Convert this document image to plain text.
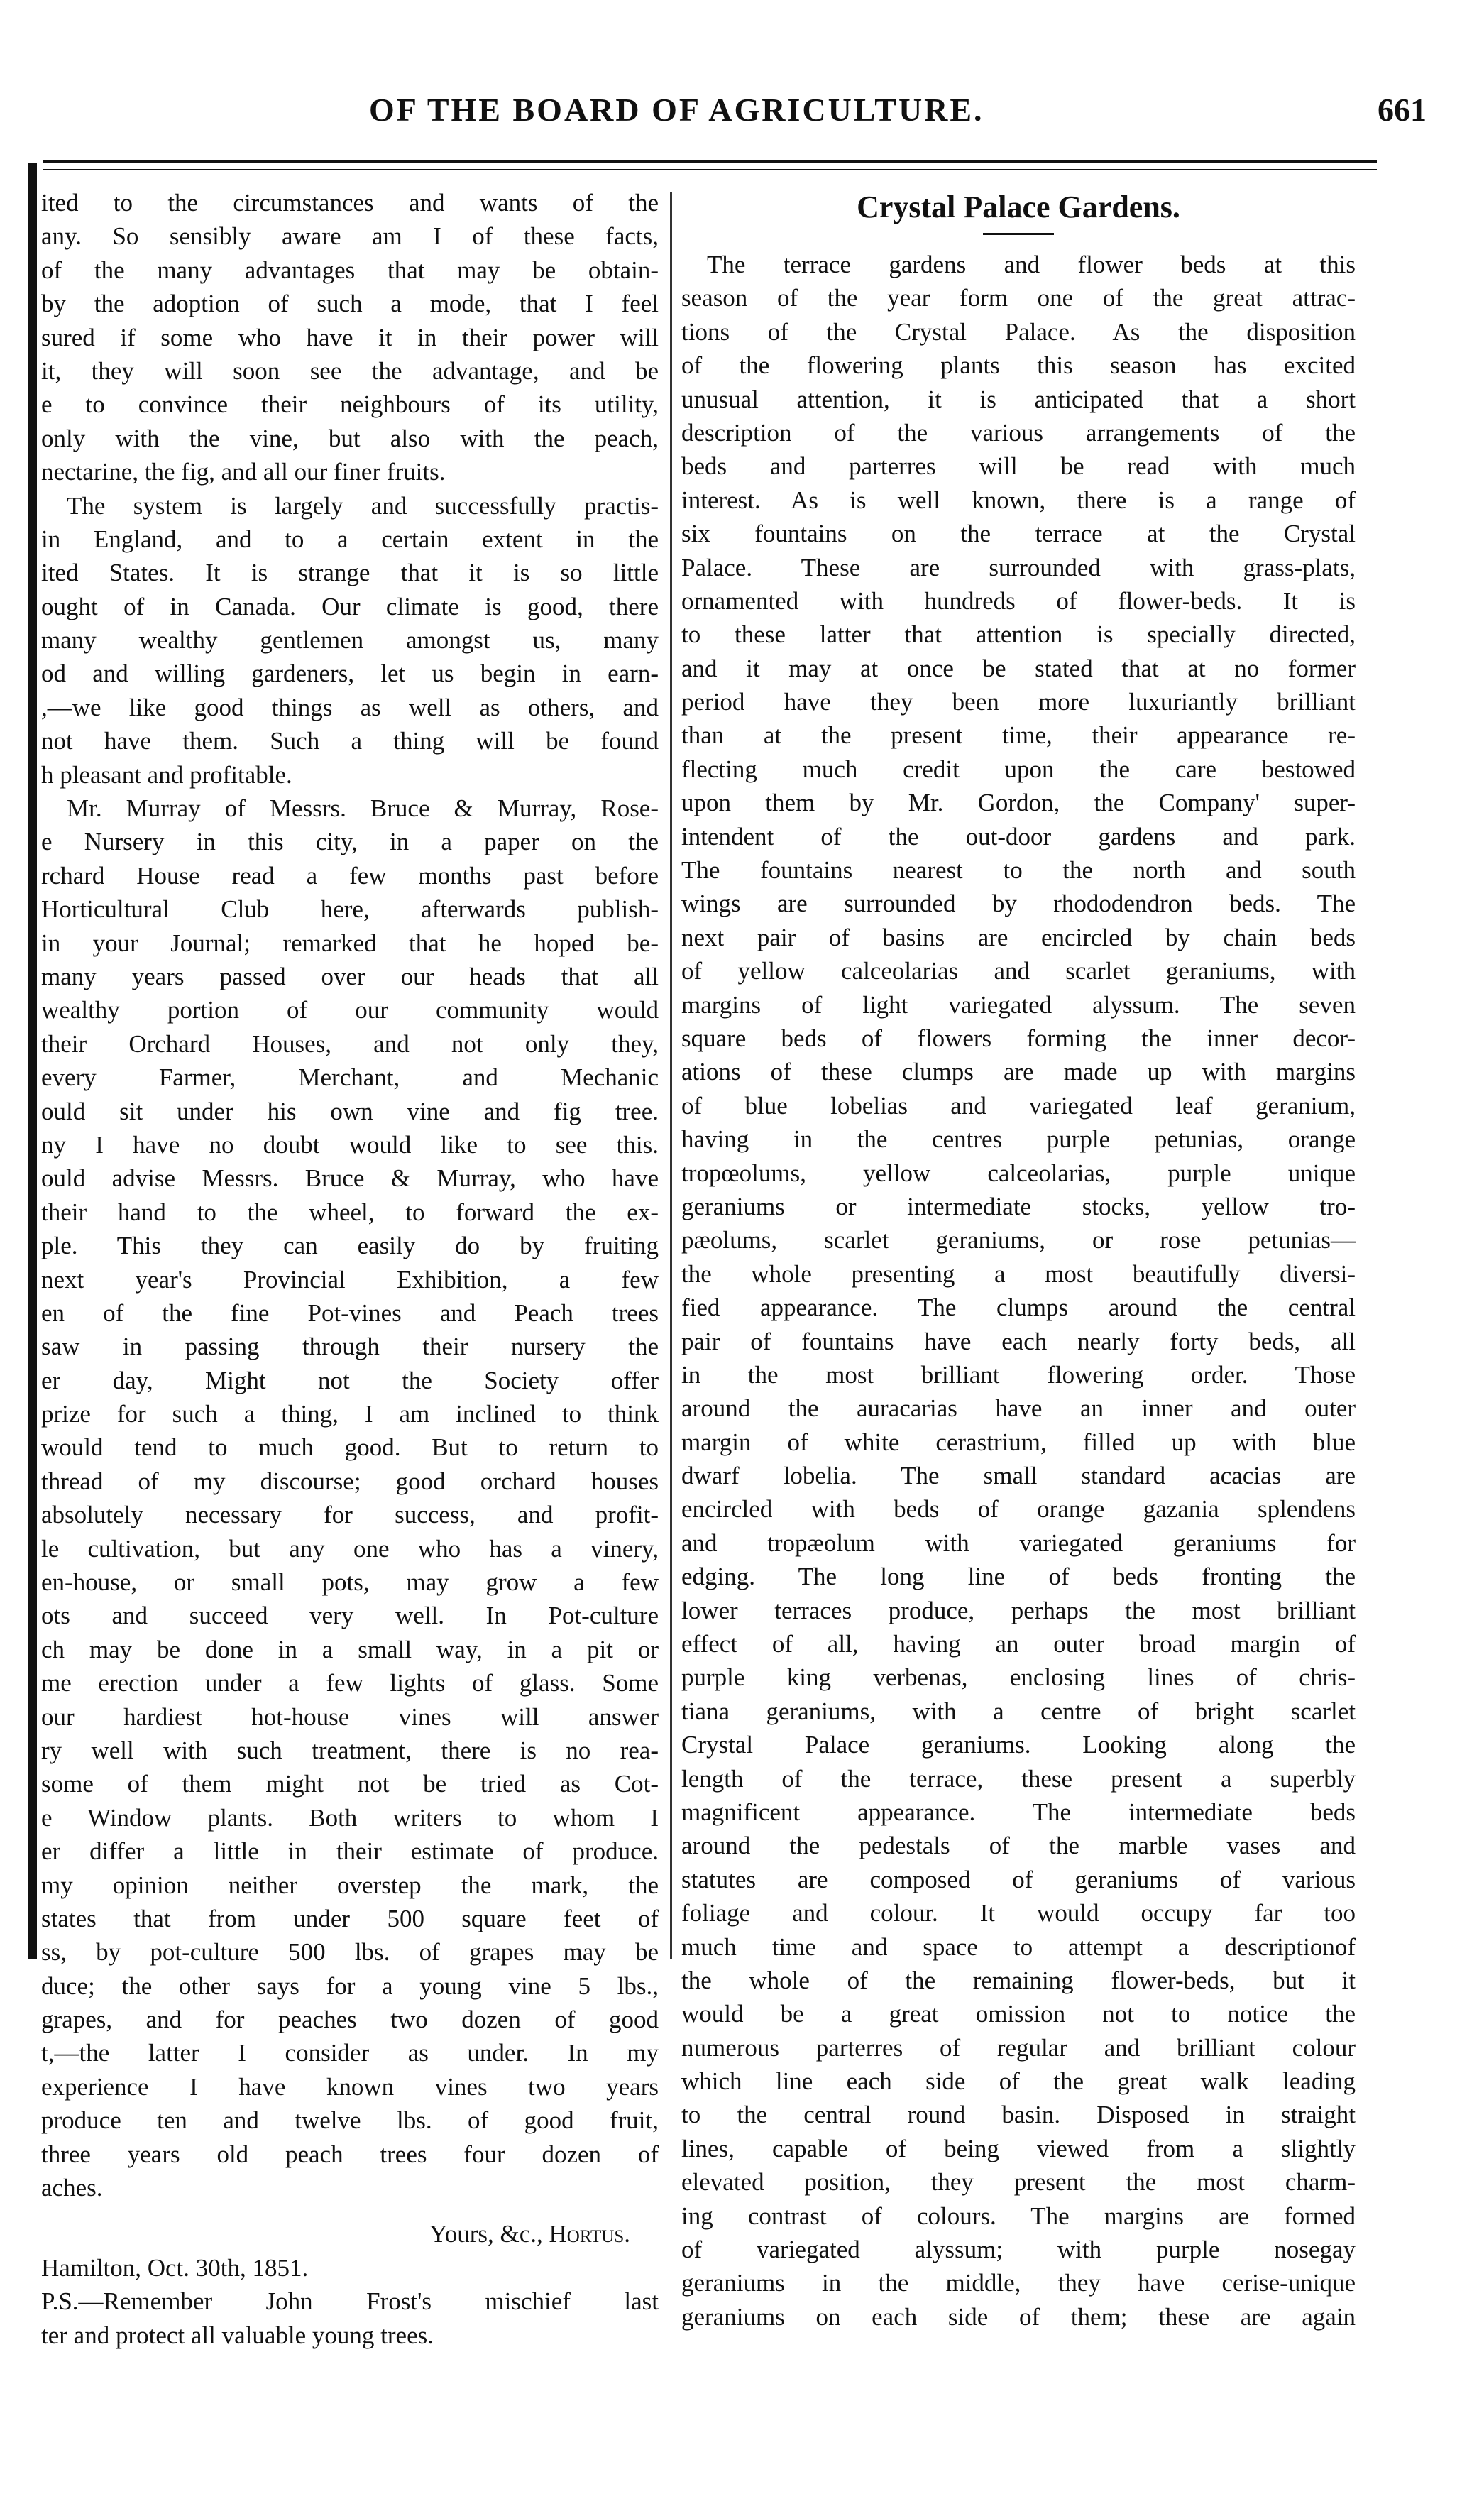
OF THE BOARD OF AGRICULTURE.	661
ited to the circumstances and wants of the
any. So sensibly aware am I of these facts,
of the many advantages that may be obtain-
by the adoption of such a mode, that I feel
sured if some who have it in their power will
it, they will soon see the advantage, and be
e to convince their neighbours of its utility,
only with the vine, but also with the peach,
nectarine, the fig, and all our finer fruits.
The system is largely and successfully practis-
in England, and to a certain extent in the
ited States. It is strange that it is so little
ought of in Canada. Our climate is good, there
many wealthy gentlemen amongst us, many
od and willing gardeners, let us begin in earn-
,—we like good things as well as others, and
not have them. Such a thing will be found
h pleasant and profitable.
Mr. Murray of Messrs. Bruce & Murray, Rose-
e Nursery in this city, in a paper on the
rchard House read a few months past before
Horticultural Club here, afterwards publish-
in your Journal; remarked that he hoped be-
many years passed over our heads that all
wealthy portion of our community would
their Orchard Houses, and not only they,
every Farmer, Merchant, and Mechanic
ould sit under his own vine and fig tree.
ny I have no doubt would like to see this.
ould advise Messrs. Bruce & Murray, who have
their hand to the wheel, to forward the ex-
ple. This they can easily do by fruiting
next year's Provincial Exhibition, a few
en of the fine Pot-vines and Peach trees
saw in passing through their nursery the
er day, Might not the Society offer
prize for such a thing, I am inclined to think
would tend to much good. But to return to
thread of my discourse; good orchard houses
absolutely necessary for success, and profit-
le cultivation, but any one who has a vinery,
en-house, or small pots, may grow a few
ots and succeed very well. In Pot-culture
ch may be done in a small way, in a pit or
me erection under a few lights of glass. Some
our hardiest hot-house vines will answer
ry well with such treatment, there is no rea-
some of them might not be tried as Cot-
e Window plants. Both writers to whom I
er differ a little in their estimate of produce.
my opinion neither overstep the mark, the
states that from under 500 square feet of
ss, by pot-culture 500 lbs. of grapes may be
duce; the other says for a young vine 5 lbs.,
grapes, and for peaches two dozen of good
t,—the latter I consider as under. In my
experience I have known vines two years
produce ten and twelve lbs. of good fruit,
three years old peach trees four dozen of
aches.
Yours, &c., Hortus.
Hamilton, Oct. 30th, 1851.
P.S.—Remember John Frost's mischief last
ter and protect all valuable young trees.
Crystal Palace Gardens.
The terrace gardens and flower beds at this
season of the year form one of the great attrac-
tions of the Crystal Palace. As the disposition
of the flowering plants this season has excited
unusual attention, it is anticipated that a short
description of the various arrangements of the
beds and parterres will be read with much
interest. As is well known, there is a range of
six fountains on the terrace at the Crystal
Palace. These are surrounded with grass-plats,
ornamented with hundreds of flower-beds. It is
to these latter that attention is specially directed,
and it may at once be stated that at no former
period have they been more luxuriantly brilliant
than at the present time, their appearance re-
flecting much credit upon the care bestowed
upon them by Mr. Gordon, the Company' super-
intendent of the out-door gardens and park.
The fountains nearest to the north and south
wings are surrounded by rhododendron beds. The
next pair of basins are encircled by chain beds
of yellow calceolarias and scarlet geraniums, with
margins of light variegated alyssum. The seven
square beds of flowers forming the inner decor-
ations of these clumps are made up with margins
of blue lobelias and variegated leaf geranium,
having in the centres purple petunias, orange
tropœolums, yellow calceolarias, purple unique
geraniums or intermediate stocks, yellow tro-
pæolums, scarlet geraniums, or rose petunias—
the whole presenting a most beautifully diversi-
fied appearance. The clumps around the central
pair of fountains have each nearly forty beds, all
in the most brilliant flowering order. Those
around the auracarias have an inner and outer
margin of white cerastrium, filled up with blue
dwarf lobelia. The small standard acacias are
encircled with beds of orange gazania splendens
and tropæolum with variegated geraniums for
edging. The long line of beds fronting the
lower terraces produce, perhaps the most brilliant
effect of all, having an outer broad margin of
purple king verbenas, enclosing lines of chris-
tiana geraniums, with a centre of bright scarlet
Crystal Palace geraniums. Looking along the
length of the terrace, these present a superbly
magnificent appearance. The intermediate beds
around the pedestals of the marble vases and
statutes are composed of geraniums of various
foliage and colour. It would occupy far too
much time and space to attempt a descriptionof
the whole of the remaining flower-beds, but it
would be a great omission not to notice the
numerous parterres of regular and brilliant colour
which line each side of the great walk leading
to the central round basin. Disposed in straight
lines, capable of being viewed from a slightly
elevated position, they present the most charm-
ing contrast of colours. The margins are formed
of variegated alyssum; with purple nosegay
geraniums in the middle, they have cerise-unique
geraniums on each side of them; these are again
